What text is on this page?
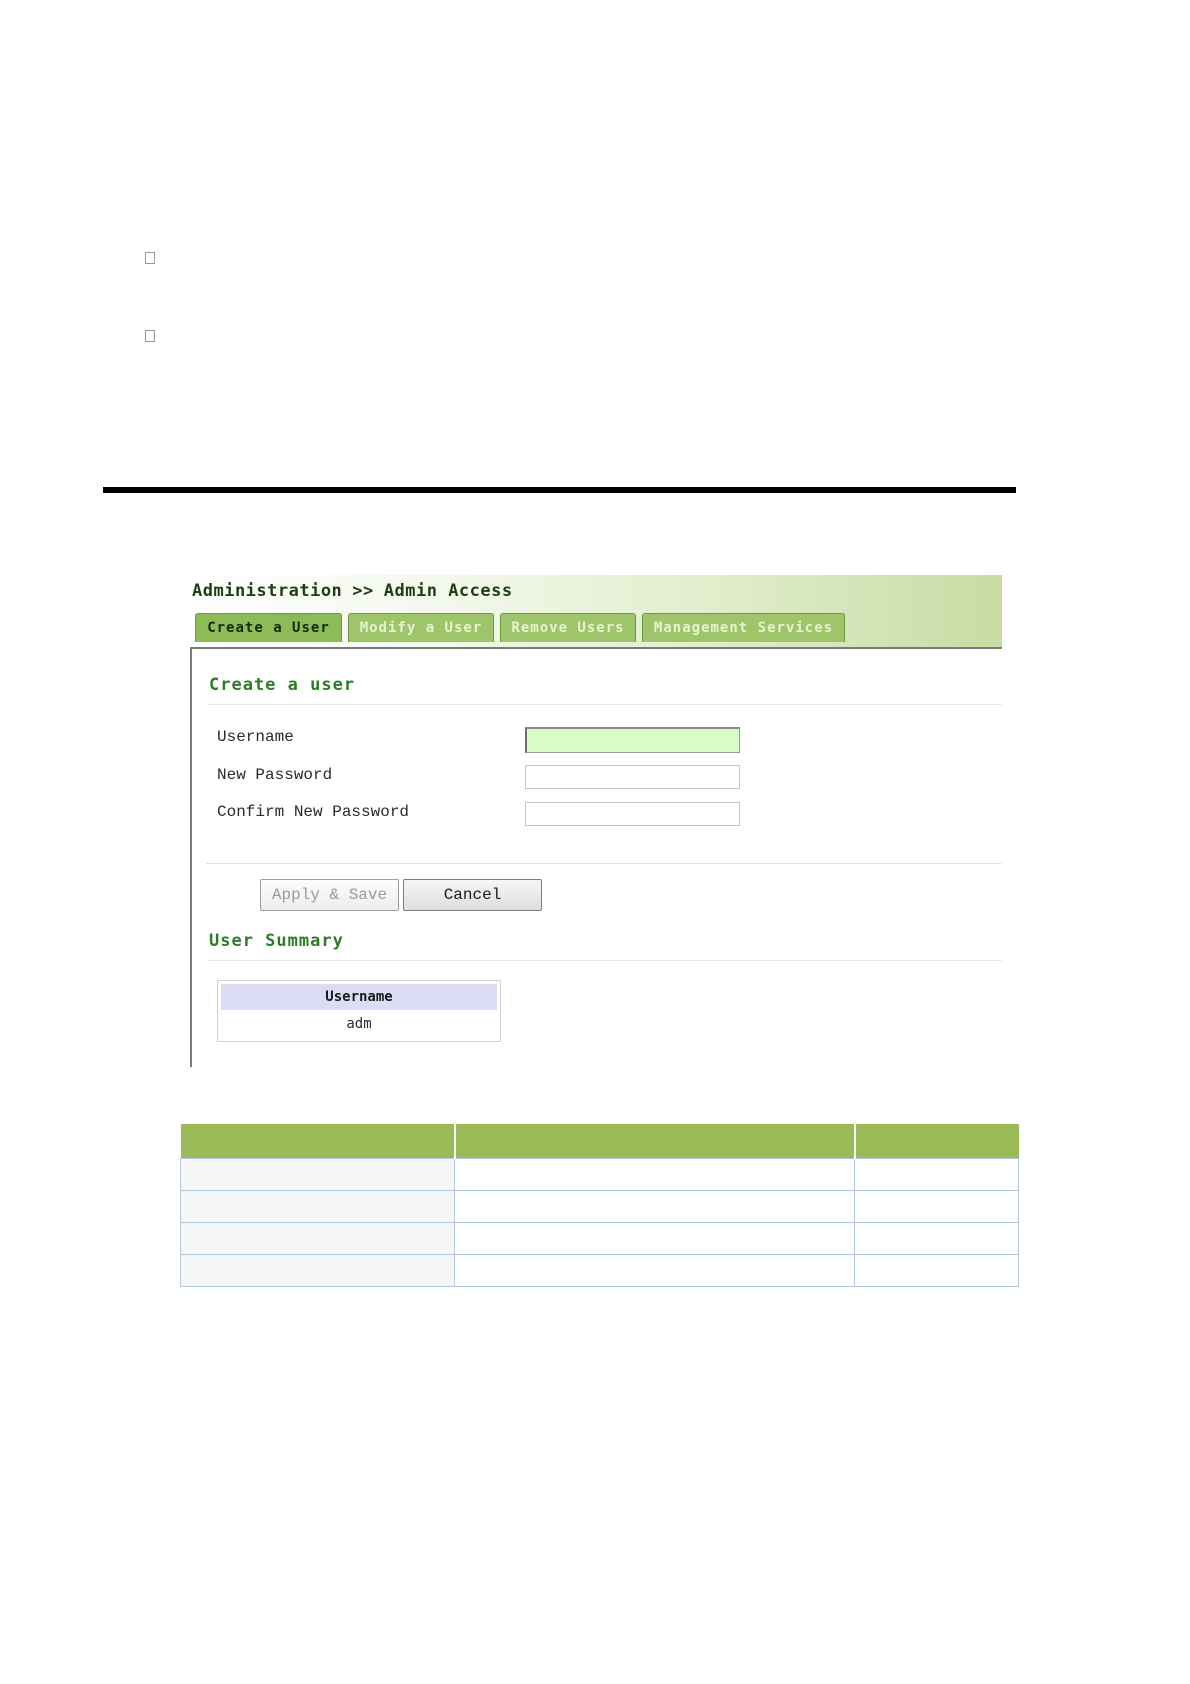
Administration >> Admin Access
Create a User	Modify a User	Remove Users	Management Services
Create a user
Username
New Password
Confirm New Password
Apply & Save	Cancel
User Summary
Username
adm
